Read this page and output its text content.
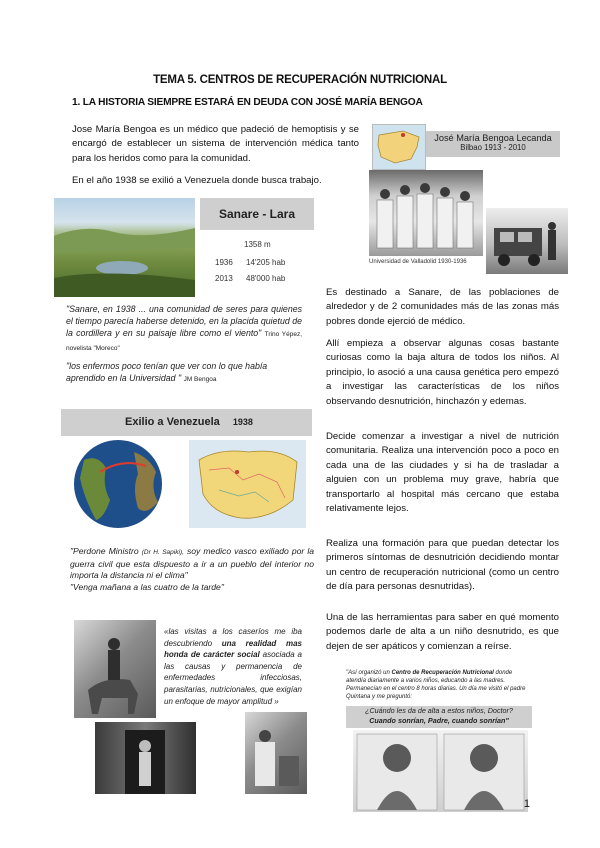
TEMA 5. CENTROS DE RECUPERACIÓN NUTRICIONAL
1. LA HISTORIA SIEMPRE ESTARÁ EN DEUDA CON JOSÉ MARÍA BENGOA
Jose María Bengoa es un médico que padeció de hemoptisis y se encargó de establecer un sistema de intervención médica tanto para los heridos como para la comunidad.
En el año 1938 se exilió a Venezuela donde busca trabajo.
José María Bengoa Lecanda
Bilbao 1913 - 2010
Universidad de Valladolid 1930-1936
Sanare - Lara
1358 m
1936 14'205 hab
2013 48'000 hab
"Sanare, en 1938 ... una comunidad de seres para quienes el tiempo parecía haberse detenido, en la placida quietud de la cordillera y en su paisaje libre como el viento" Trino Yépez, novelista "Moreco"
"los enfermos poco tenían que ver con lo que había aprendido en la Universidad " JM Bengoa
Exilio a Venezuela 1938
"Perdone Ministro (Dr H. Sapiki), soy medico vasco exiliado por la guerra civil que esta dispuesto a ir a un pueblo del interior no importa la distancia ni el clima"
"Venga mañana a las cuatro de la tarde"
«las visitas a los caseríos me iba descubriendo una realidad mas honda de carácter social asociada a las causas y permanencia de enfermedades infecciosas, parasitarias, nutricionales, que exigían un enfoque de mayor amplitud »
Es destinado a Sanare, de las poblaciones de alrededor y de 2 comunidades más de las zonas más pobres donde ejerció de médico.
Allí empieza a observar algunas cosas bastante curiosas como la baja altura de todos los niños. Al principio, lo asoció a una causa genética pero empezó a investigar las características de los niños observando desnutrición, hinchazón y edemas.
Decide comenzar a investigar a nivel de nutrición comunitaria. Realiza una intervención poco a poco en cada una de las ciudades y si ha de trasladar a alguien con un problema muy grave, habría que transportarlo al hospital más cercano que estaba relativamente lejos.
Realiza una formación para que puedan detectar los primeros síntomas de desnutrición decidiendo montar un centro de recuperación nutricional (como un centro de día para personas desnutridas).
Una de las herramientas para saber en qué momento podemos darle de alta a un niño desnutrido, es que dejen de ser apáticos y comienzan a reírse.
"Así organizó un Centro de Recuperación Nutricional donde atendía diariamente a varios niños, educando a las madres. Permanecían en el centro 8 horas diarias. Un día me visitó el padre Quintana y me preguntó:
¿Cuándo les da de alta a estos niños, Doctor?
Cuando sonrían, Padre, cuando sonrían"
1
